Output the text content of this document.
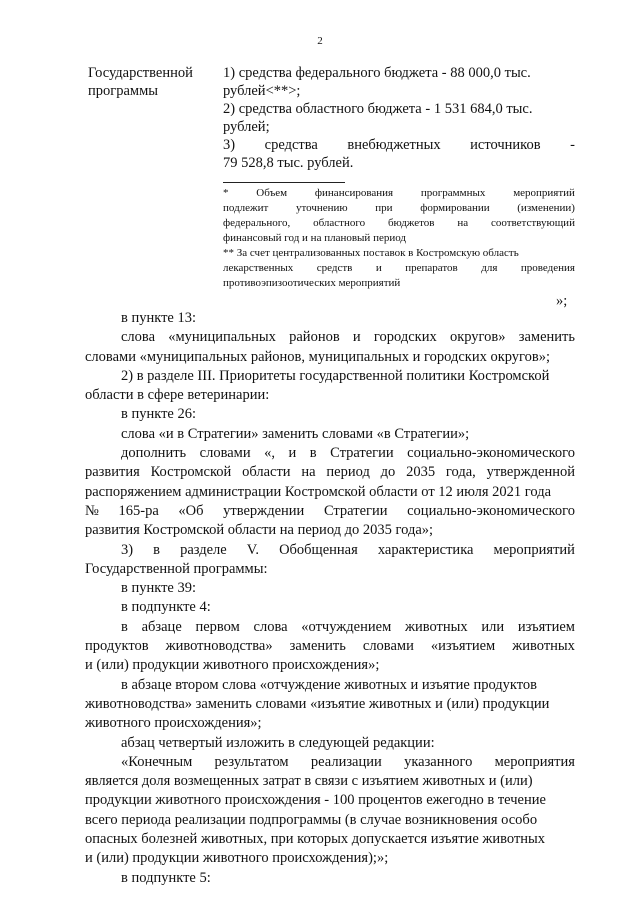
2
Государственной
программы
1) средства федерального бюджета - 88 000,0 тыс.
рублей<**>;
2) средства областного бюджета - 1 531 684,0 тыс.
рублей;
3) средства внебюджетных источников -
79 528,8 тыс. рублей.
*	Объем	финансирования	программных	мероприятий
подлежит	уточнению	при	формировании	(изменении)
федерального, областного бюджетов на соответствующий
финансовый год и на плановый период
** За счет централизованных поставок в Костромскую область
лекарственных средств и препаратов для проведения
противоэпизоотических мероприятий
»;
в пункте 13:
слова «муниципальных районов и городских округов» заменить
словами «муниципальных районов, муниципальных и городских округов»;
2) в разделе III. Приоритеты государственной политики Костромской
области в сфере ветеринарии:
в пункте 26:
слова «и в Стратегии» заменить словами «в Стратегии»;
дополнить словами «, и в Стратегии социально-экономического
развития Костромской области на период до 2035 года, утвержденной
распоряжением администрации Костромской области от 12 июля 2021 года
№ 165-ра «Об утверждении Стратегии социально-экономического
развития Костромской области на период до 2035 года»;
3) в разделе V. Обобщенная характеристика мероприятий
Государственной программы:
в пункте 39:
в подпункте 4:
в абзаце первом слова «отчуждением животных или изъятием
продуктов животноводства» заменить словами «изъятием животных
и (или) продукции животного происхождения»;
в абзаце втором слова «отчуждение животных и изъятие продуктов
животноводства» заменить словами «изъятие животных и (или) продукции
животного происхождения»;
абзац четвертый изложить в следующей редакции:
«Конечным результатом реализации указанного мероприятия
является доля возмещенных затрат в связи с изъятием животных и (или)
продукции животного происхождения - 100 процентов ежегодно в течение
всего периода реализации подпрограммы (в случае возникновения особо
опасных болезней животных, при которых допускается изъятие животных
и (или) продукции животного происхождения);»;
в подпункте 5:
